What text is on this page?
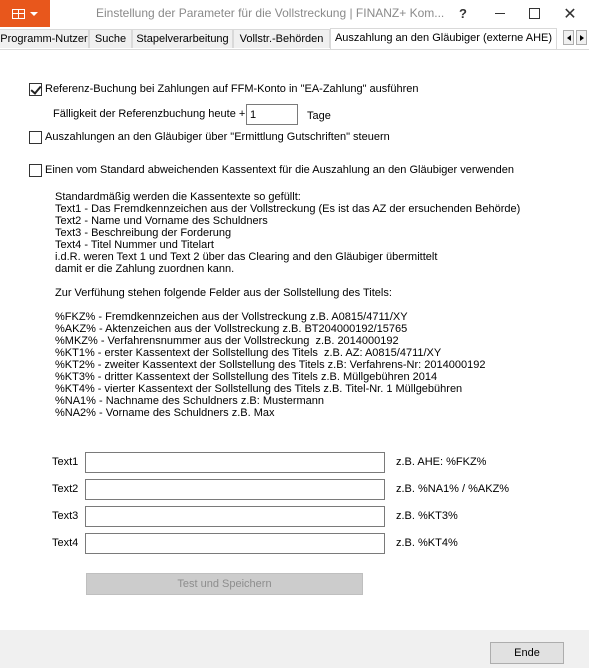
Einstellung der Parameter für die Vollstreckung | FINANZ+ Kom...	?	✕
Programm-Nutzer Suche Stapelverarbeitung Vollstr.-Behörden	Auszahlung an den Gläubiger (externe AHE)
Referenz-Buchung bei Zahlungen auf FFM-Konto in "EA-Zahlung" ausführen
Fälligkeit der Referenzbuchung heute +
1	Tage
Auszahlungen an den Gläubiger über "Ermittlung Gutschriften" steuern
Einen vom Standard abweichenden Kassentext für die Auszahlung an den Gläubiger verwenden
Standardmäßig werden die Kassentexte so gefüllt:
Text1 - Das Fremdkennzeichen aus der Vollstreckung (Es ist das AZ der ersuchenden Behörde)
Text2 - Name und Vorname des Schuldners
Text3 - Beschreibung der Forderung
Text4 - Titel Nummer und Titelart
i.d.R. weren Text 1 und Text 2 über das Clearing and den Gläubiger übermittelt
damit er die Zahlung zuordnen kann.

Zur Verfühung stehen folgende Felder aus der Sollstellung des Titels:

%FKZ% - Fremdkennzeichen aus der Vollstreckung z.B. A0815/4711/XY
%AKZ% - Aktenzeichen aus der Vollstreckung z.B. BT204000192/15765
%MKZ% - Verfahrensnummer aus der Vollstreckung  z.B. 2014000192
%KT1% - erster Kassentext der Sollstellung des Titels  z.B. AZ: A0815/4711/XY
%KT2% - zweiter Kassentext der Sollstellung des Titels z.B: Verfahrens-Nr: 2014000192
%KT3% - dritter Kassentext der Sollstellung des Titels z.B. Müllgebühren 2014
%KT4% - vierter Kassentext der Sollstellung des Titels z.B. Titel-Nr. 1 Müllgebühren
%NA1% - Nachname des Schuldners z.B: Mustermann
%NA2% - Vorname des Schuldners z.B. Max
Text1	z.B. AHE: %FKZ%
Text2	z.B. %NA1% / %AKZ%
Text3	z.B. %KT3%
Text4	z.B. %KT4%
Test und Speichern
Ende
